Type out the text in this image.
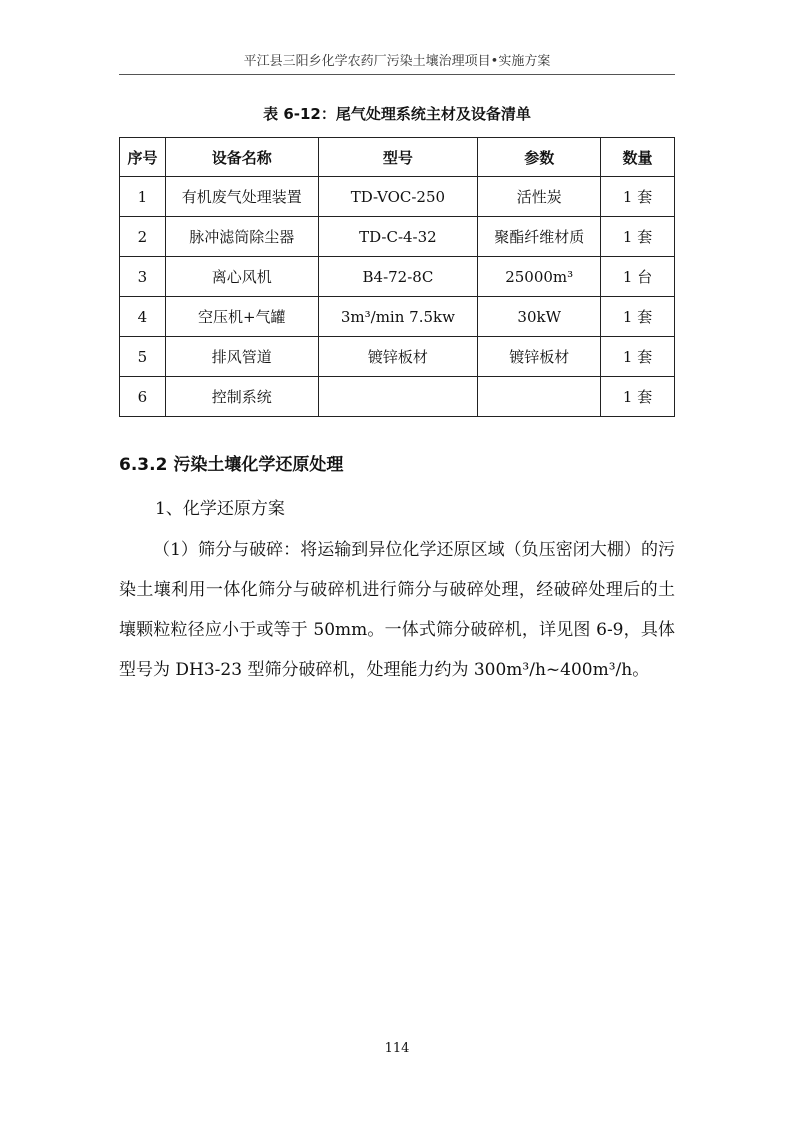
平江县三阳乡化学农药厂污染土壤治理项目•实施方案
表 6-12：尾气处理系统主材及设备清单
序号	设备名称	型号	参数	数量
1	有机废气处理装置	TD-VOC-250	活性炭	1 套
2	脉冲滤筒除尘器	TD-C-4-32	聚酯纤维材质	1 套
3	离心风机	B4-72-8C	25000m³	1 台
4	空压机+气罐	3m³/min 7.5kw	30kW	1 套
5	排风管道	镀锌板材	镀锌板材	1 套
6	控制系统			1 套
6.3.2 污染土壤化学还原处理
1、化学还原方案

（1）筛分与破碎：将运输到异位化学还原区域（负压密闭大棚）的污染土壤利用一体化筛分与破碎机进行筛分与破碎处理，经破碎处理后的土壤颗粒粒径应小于或等于 50mm。一体式筛分破碎机，详见图 6-9，具体型号为 DH3-23 型筛分破碎机，处理能力约为 300m³/h~400m³/h。

114
